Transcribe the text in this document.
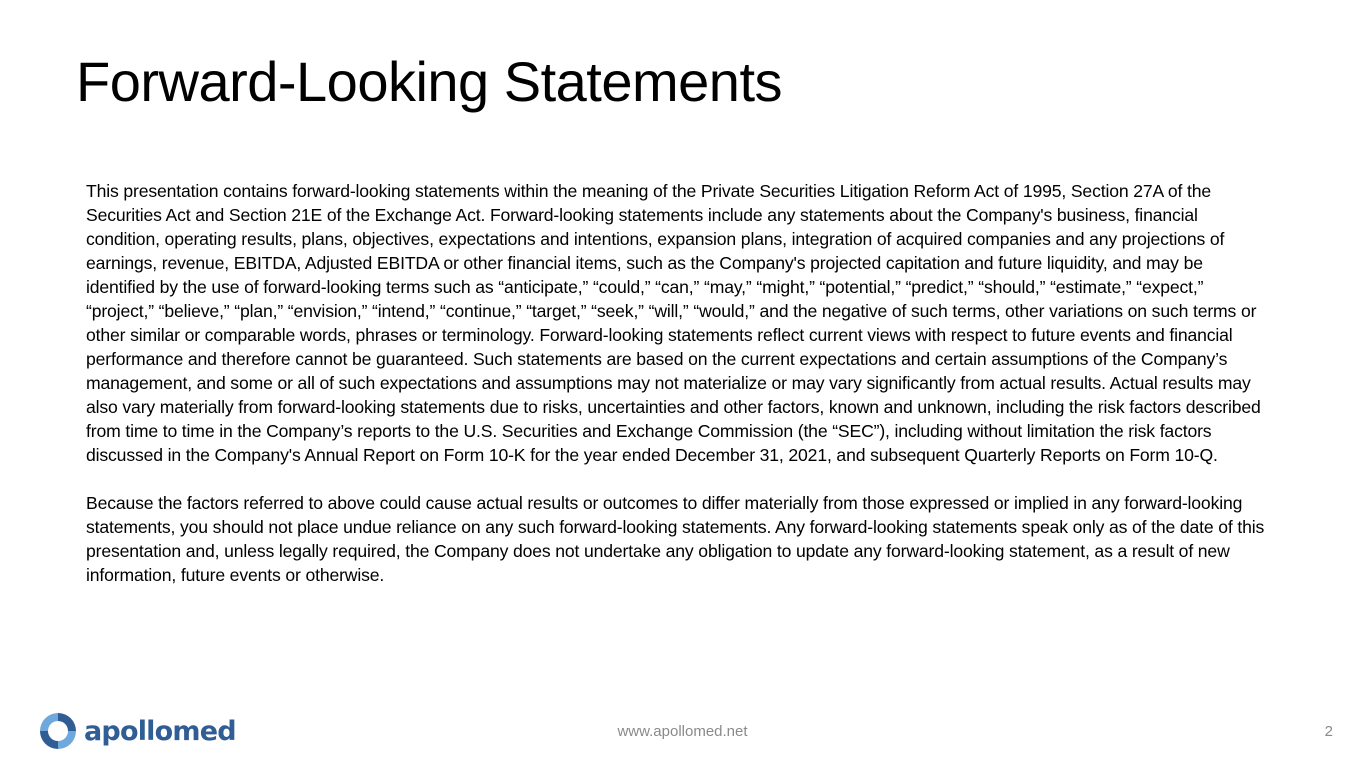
Forward-Looking Statements

This presentation contains forward-looking statements within the meaning of the Private Securities Litigation Reform Act of 1995, Section 27A of the Securities Act and Section 21E of the Exchange Act. Forward-looking statements include any statements about the Company's business, financial condition, operating results, plans, objectives, expectations and intentions, expansion plans, integration of acquired companies and any projections of earnings, revenue, EBITDA, Adjusted EBITDA or other financial items, such as the Company's projected capitation and future liquidity, and may be identified by the use of forward-looking terms such as “anticipate,” “could,” “can,” “may,” “might,” “potential,” “predict,” “should,” “estimate,” “expect,” “project,” “believe,” “plan,” “envision,” “intend,” “continue,” “target,” “seek,” “will,” “would,” and the negative of such terms, other variations on such terms or other similar or comparable words, phrases or terminology. Forward-looking statements reflect current views with respect to future events and financial performance and therefore cannot be guaranteed. Such statements are based on the current expectations and certain assumptions of the Company’s management, and some or all of such expectations and assumptions may not materialize or may vary significantly from actual results. Actual results may also vary materially from forward-looking statements due to risks, uncertainties and other factors, known and unknown, including the risk factors described from time to time in the Company’s reports to the U.S. Securities and Exchange Commission (the “SEC”), including without limitation the risk factors discussed in the Company's Annual Report on Form 10-K for the year ended December 31, 2021, and subsequent Quarterly Reports on Form 10-Q.

Because the factors referred to above could cause actual results or outcomes to differ materially from those expressed or implied in any forward-looking statements, you should not place undue reliance on any such forward-looking statements. Any forward-looking statements speak only as of the date of this presentation and, unless legally required, the Company does not undertake any obligation to update any forward-looking statement, as a result of new information, future events or otherwise.

apollomed	www.apollomed.net	2
